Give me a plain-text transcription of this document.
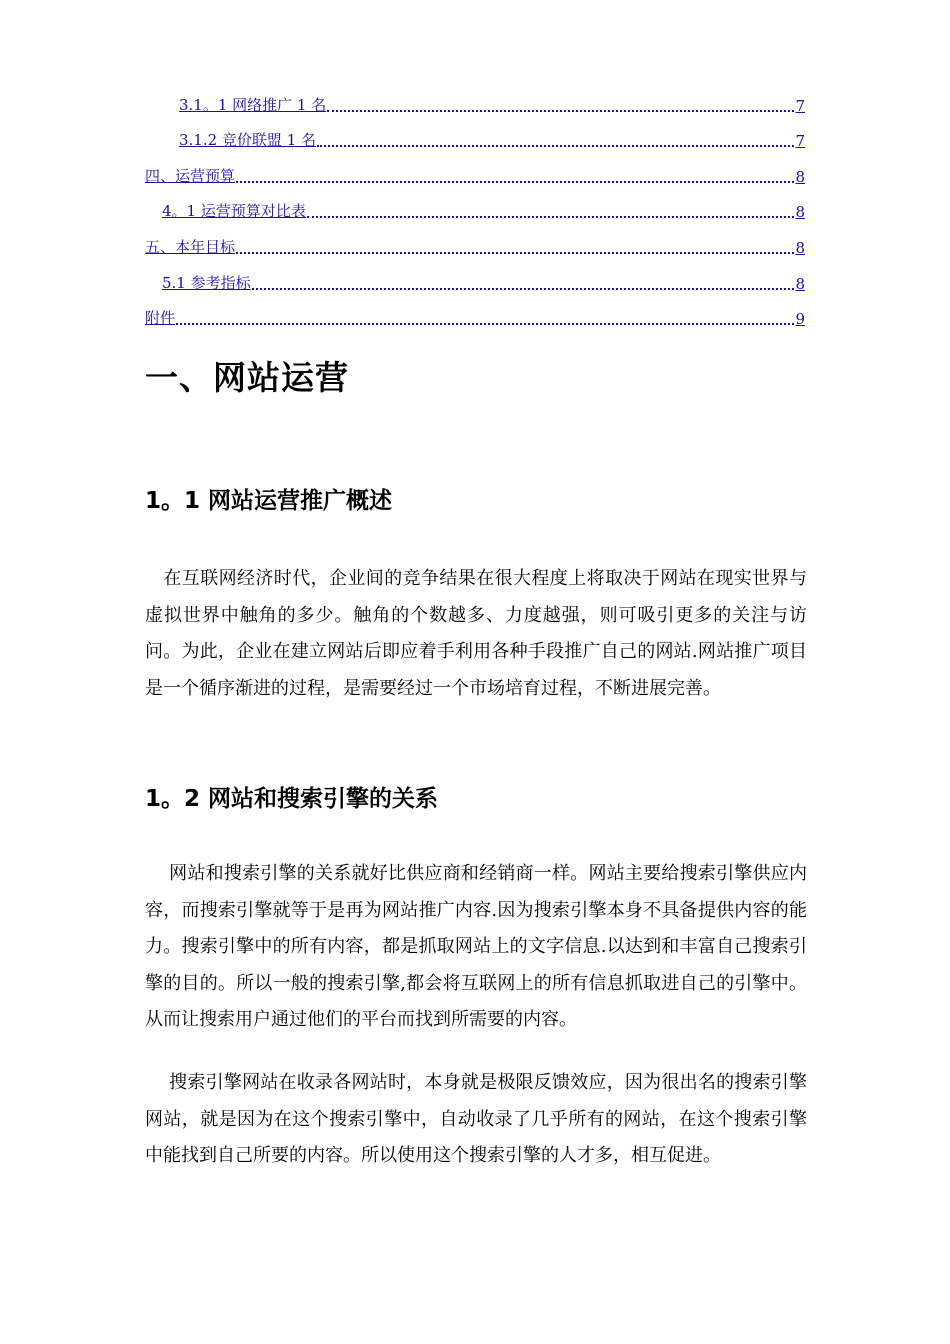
3.1。1 网络推广 1 名	7
3.1.2 竞价联盟 1 名	7
四、运营预算	8
4。1 运营预算对比表	8
五、本年目标	8
5.1 参考指标	8
附件	9
一、网站运营
1。1 网站运营推广概述

　在互联网经济时代，企业间的竞争结果在很大程度上将取决于网站在现实世界与虚拟世界中触角的多少。触角的个数越多、力度越强，则可吸引更多的关注与访问。为此，企业在建立网站后即应着手利用各种手段推广自己的网站.网站推广项目是一个循序渐进的过程，是需要经过一个市场培育过程，不断进展完善。

1。2 网站和搜索引擎的关系

　 网站和搜索引擎的关系就好比供应商和经销商一样。网站主要给搜索引擎供应内容，而搜索引擎就等于是再为网站推广内容.因为搜索引擎本身不具备提供内容的能力。搜索引擎中的所有内容，都是抓取网站上的文字信息.以达到和丰富自己搜索引擎的目的。所以一般的搜索引擎,都会将互联网上的所有信息抓取进自己的引擎中。从而让搜索用户通过他们的平台而找到所需要的内容。

　 搜索引擎网站在收录各网站时，本身就是极限反馈效应，因为很出名的搜索引擎网站，就是因为在这个搜索引擎中，自动收录了几乎所有的网站，在这个搜索引擎中能找到自己所要的内容。所以使用这个搜索引擎的人才多，相互促进。
